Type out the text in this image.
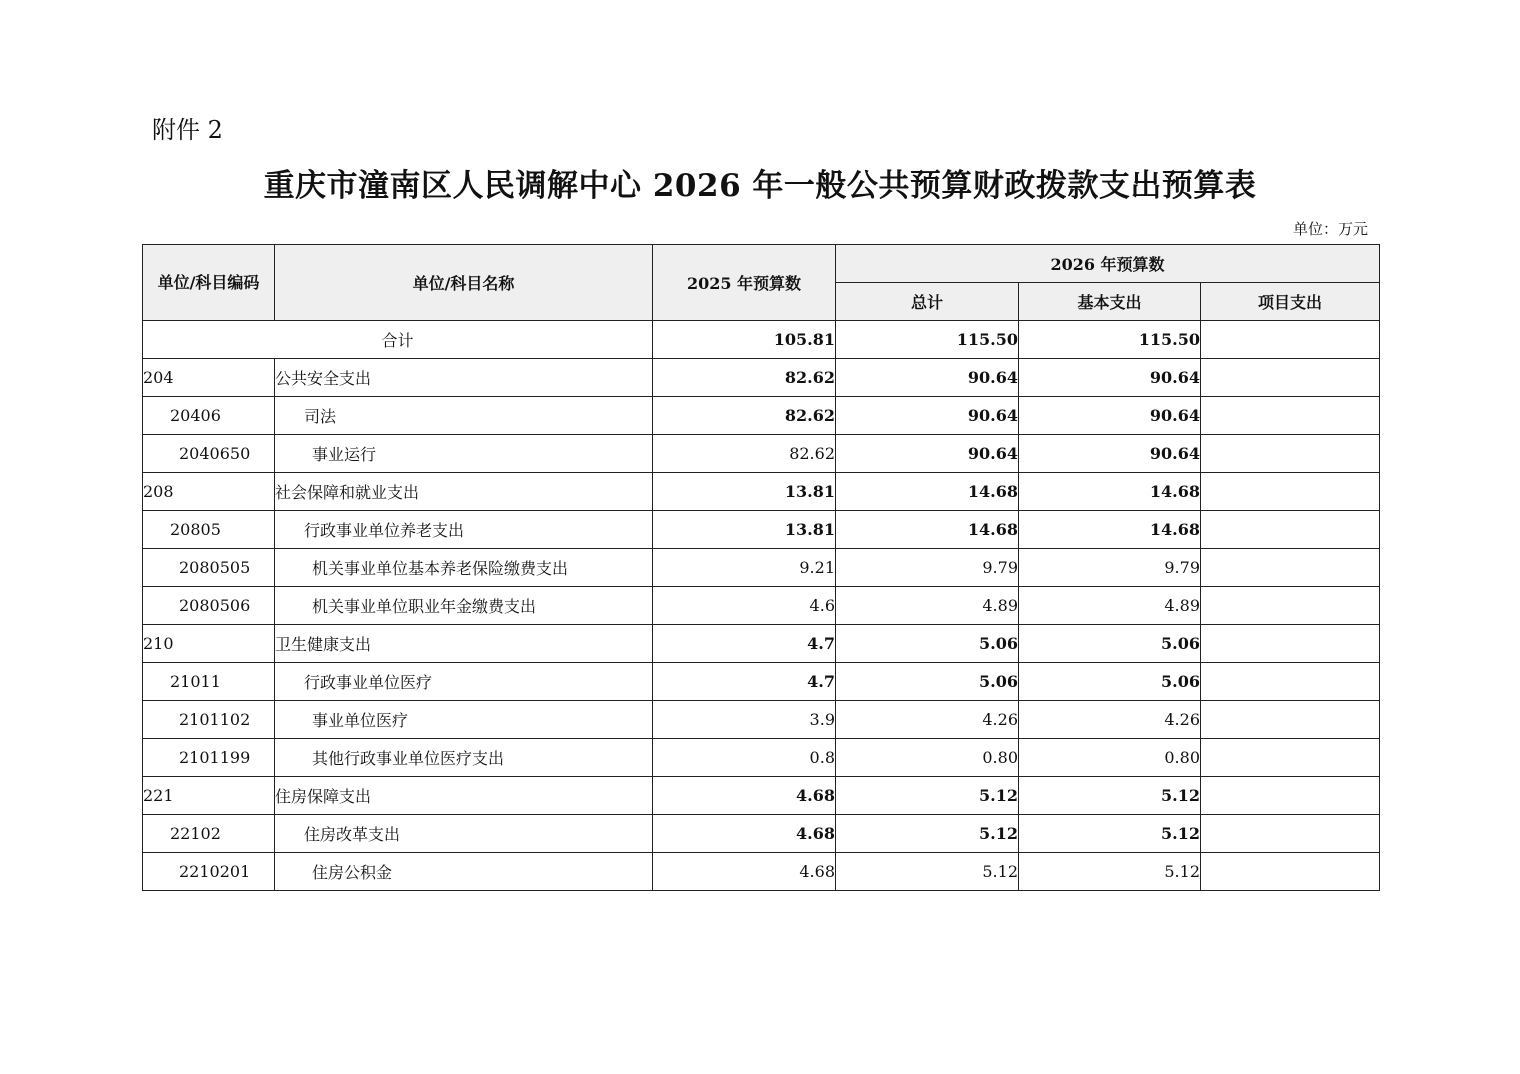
附件 2
重庆市潼南区人民调解中心 2026 年一般公共预算财政拨款支出预算表
单位：万元
单位/科目编码	单位/科目名称	2025 年预算数	2026 年预算数		
			总计	基本支出	项目支出
合计		105.81	115.50	115.50	
204	公共安全支出	82.62	90.64	90.64	
20406	司法	82.62	90.64	90.64	
2040650	事业运行	82.62	90.64	90.64	
208	社会保障和就业支出	13.81	14.68	14.68	
20805	行政事业单位养老支出	13.81	14.68	14.68	
2080505	机关事业单位基本养老保险缴费支出	9.21	9.79	9.79	
2080506	机关事业单位职业年金缴费支出	4.6	4.89	4.89	
210	卫生健康支出	4.7	5.06	5.06	
21011	行政事业单位医疗	4.7	5.06	5.06	
2101102	事业单位医疗	3.9	4.26	4.26	
2101199	其他行政事业单位医疗支出	0.8	0.80	0.80	
221	住房保障支出	4.68	5.12	5.12	
22102	住房改革支出	4.68	5.12	5.12	
2210201	住房公积金	4.68	5.12	5.12	
